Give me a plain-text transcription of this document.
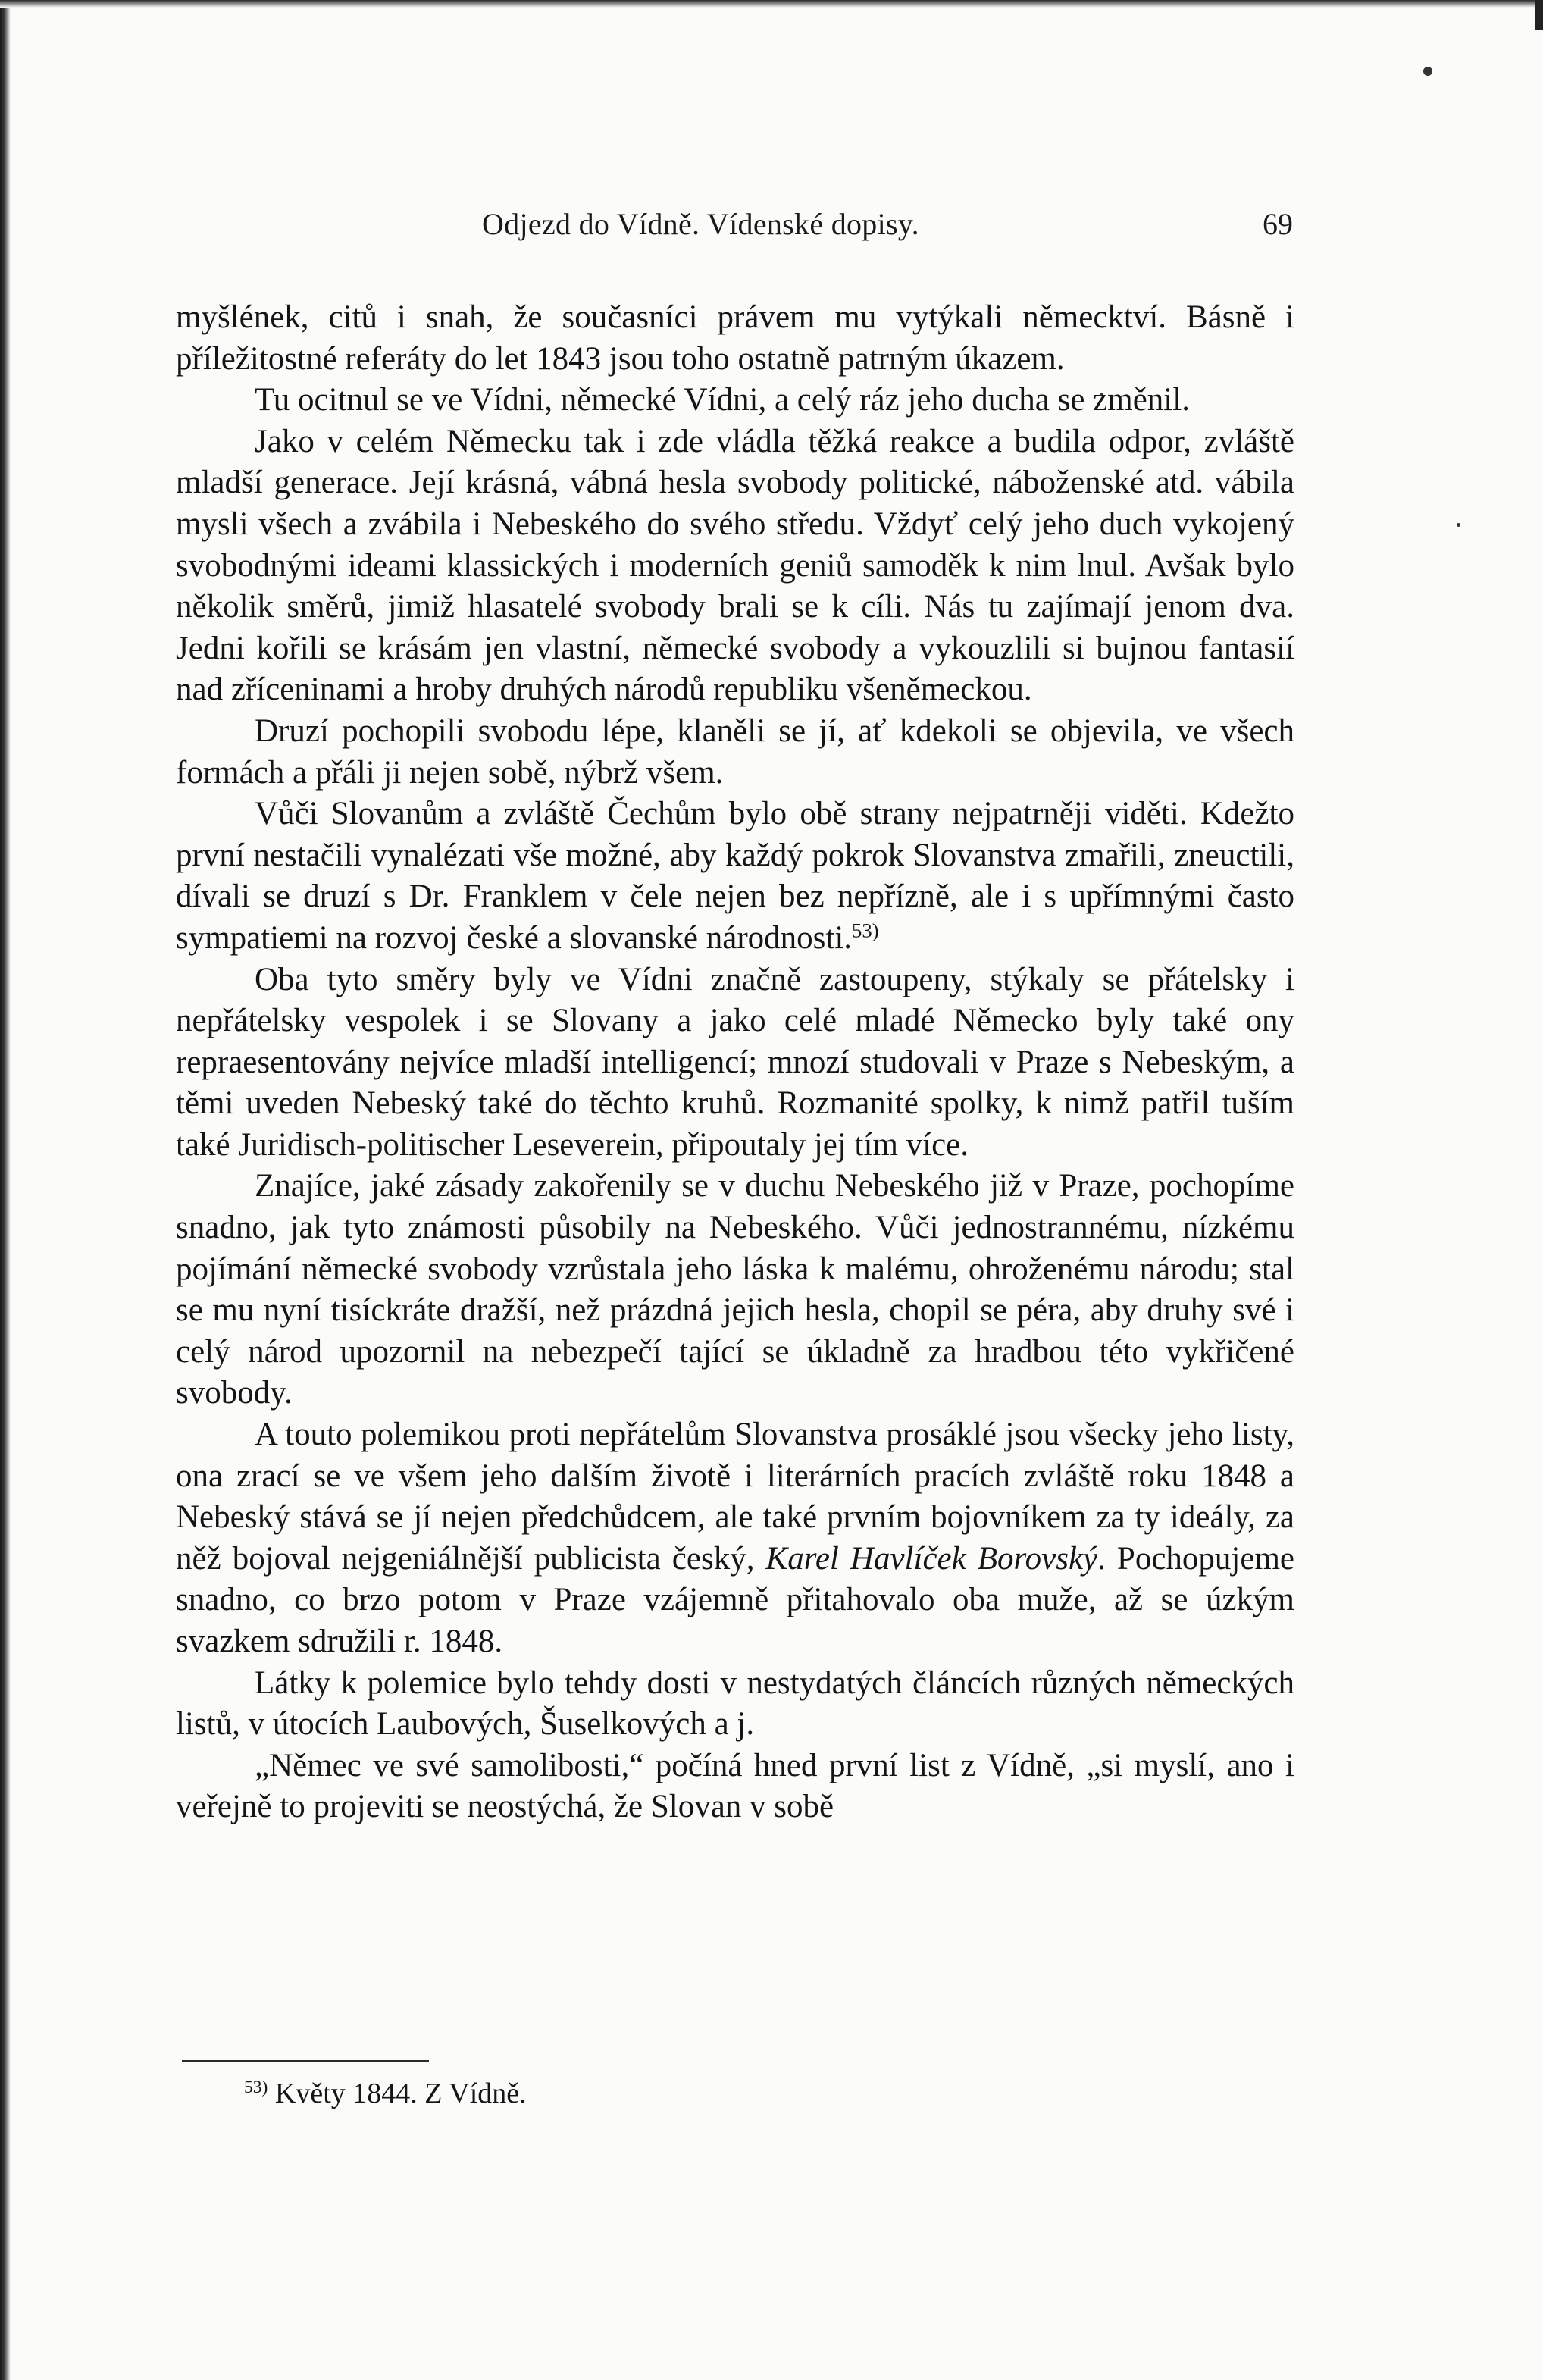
Odjezd do Vídně. Vídenské dopisy.	69

myšlének, citů i snah, že současníci právem mu vytýkali německtví. Básně i příležitostné referáty do let 1843 jsou toho ostatně patrným úkazem.

Tu ocitnul se ve Vídni, německé Vídni, a celý ráz jeho ducha se změnil.

Jako v celém Německu tak i zde vládla těžká reakce a budila odpor, zvláště mladší generace. Její krásná, vábná hesla svobody politické, náboženské atd. vábila mysli všech a zvábila i Nebeského do svého středu. Vždyť celý jeho duch vykojený svobodnými ideami klassických i moderních geniů samoděk k nim lnul. Avšak bylo několik směrů, jimiž hlasatelé svobody brali se k cíli. Nás tu zajímají jenom dva. Jedni kořili se krásám jen vlastní, německé svobody a vykouzlili si bujnou fantasií nad zříceninami a hroby druhých národů republiku všeněmeckou.

Druzí pochopili svobodu lépe, klaněli se jí, ať kdekoli se objevila, ve všech formách a přáli ji nejen sobě, nýbrž všem.

Vůči Slovanům a zvláště Čechům bylo obě strany nejpatrněji viděti. Kdežto první nestačili vynalézati vše možné, aby každý pokrok Slovanstva zmařili, zneuctili, dívali se druzí s Dr. Franklem v čele nejen bez nepřízně, ale i s upřímnými často sympatiemi na rozvoj české a slovanské národnosti.$^{53)}$

Oba tyto směry byly ve Vídni značně zastoupeny, stýkaly se přátelsky i nepřátelsky vespolek i se Slovany a jako celé mladé Německo byly také ony repraesentovány nejvíce mladší intelligencí; mnozí studovali v Praze s Nebeským, a těmi uveden Nebeský také do těchto kruhů. Rozmanité spolky, k nimž patřil tuším také Juridisch-politischer Leseverein, připoutaly jej tím více.

Znajíce, jaké zásady zakořenily se v duchu Nebeského již v Praze, pochopíme snadno, jak tyto známosti působily na Nebeského. Vůči jednostrannému, nízkému pojímání německé svobody vzrůstala jeho láska k malému, ohroženému národu; stal se mu nyní tisíckráte dražší, než prázdná jejich hesla, chopil se péra, aby druhy své i celý národ upozornil na nebezpečí tající se úkladně za hradbou této vykřičené svobody.

A touto polemikou proti nepřátelům Slovanstva prosáklé jsou všecky jeho listy, ona zrací se ve všem jeho dalším životě i literárních pracích zvláště roku 1848 a Nebeský stává se jí nejen předchůdcem, ale také prvním bojovníkem za ty ideály, za něž bojoval nejgeniálnější publicista český, Karel Havlíček Borovský. Pochopujeme snadno, co brzo potom v Praze vzájemně přitahovalo oba muže, až se úzkým svazkem sdružili r. 1848.

Látky k polemice bylo tehdy dosti v nestydatých článcích různých německých listů, v útocích Laubových, Šuselkových a j.

„Němec ve své samolibosti,“ počíná hned první list z Vídně, „si myslí, ano i veřejně to projeviti se neostýchá, že Slovan v sobě

$^{53)}$ Květy 1844. Z Vídně.
